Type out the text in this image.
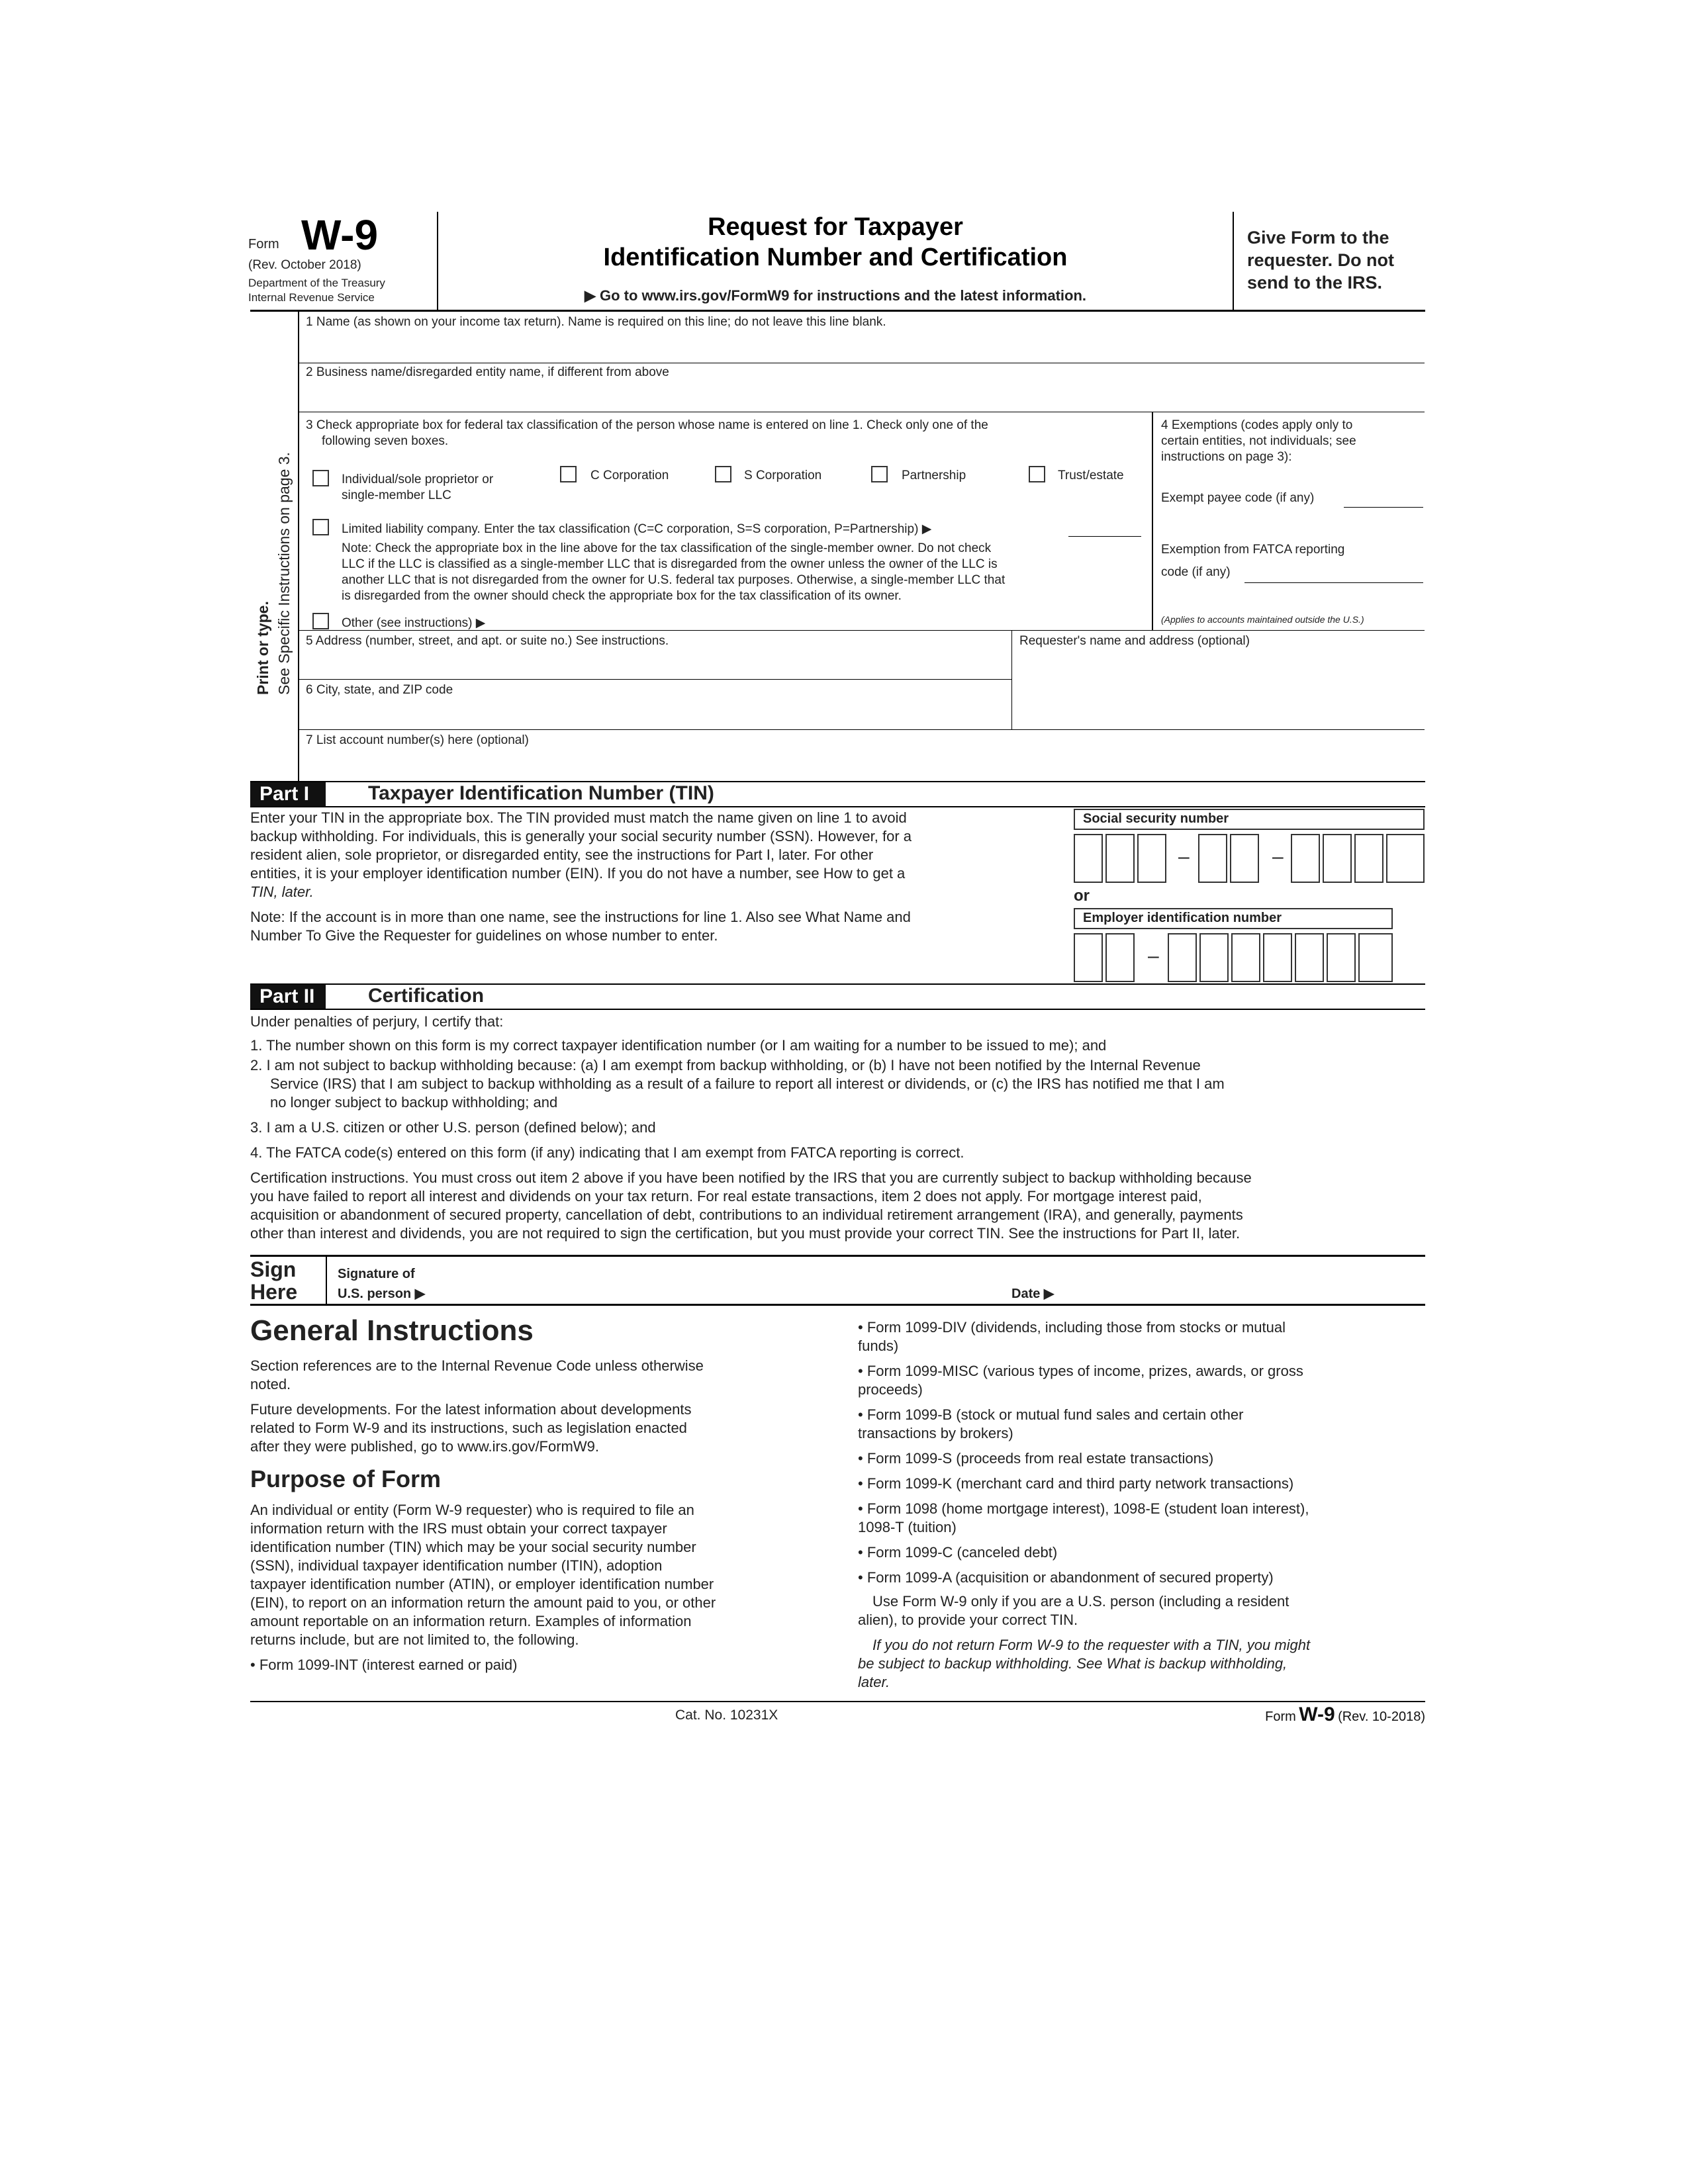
Form W-9
(Rev. October 2018)
Department of the Treasury
Internal Revenue Service
Request for Taxpayer
Identification Number and Certification
▶ Go to www.irs.gov/FormW9 for instructions and the latest information.
Give Form to the
requester. Do not
send to the IRS.
Print or type. See Specific Instructions on page 3.
1 Name (as shown on your income tax return). Name is required on this line; do not leave this line blank.
2 Business name/disregarded entity name, if different from above
3 Check appropriate box for federal tax classification of the person whose name is entered on line 1. Check only one of the
following seven boxes.
Individual/sole proprietor or
single-member LLC
C Corporation	S Corporation	Partnership	Trust/estate
Limited liability company. Enter the tax classification (C=C corporation, S=S corporation, P=Partnership) ▶
Note: Check the appropriate box in the line above for the tax classification of the single-member owner. Do not check
LLC if the LLC is classified as a single-member LLC that is disregarded from the owner unless the owner of the LLC is
another LLC that is not disregarded from the owner for U.S. federal tax purposes. Otherwise, a single-member LLC that
is disregarded from the owner should check the appropriate box for the tax classification of its owner.
Other (see instructions) ▶
4 Exemptions (codes apply only to
certain entities, not individuals; see
instructions on page 3):
Exempt payee code (if any)
Exemption from FATCA reporting
code (if any)
(Applies to accounts maintained outside the U.S.)
5 Address (number, street, and apt. or suite no.) See instructions.	Requester's name and address (optional)
6 City, state, and ZIP code
7 List account number(s) here (optional)
Part I	Taxpayer Identification Number (TIN)
Enter your TIN in the appropriate box. The TIN provided must match the name given on line 1 to avoid
backup withholding. For individuals, this is generally your social security number (SSN). However, for a
resident alien, sole proprietor, or disregarded entity, see the instructions for Part I, later. For other
entities, it is your employer identification number (EIN). If you do not have a number, see How to get a
TIN, later.
Note: If the account is in more than one name, see the instructions for line 1. Also see What Name and
Number To Give the Requester for guidelines on whose number to enter.
Social security number
–	–
or
Employer identification number
–
Part II	Certification
Under penalties of perjury, I certify that:
1. The number shown on this form is my correct taxpayer identification number (or I am waiting for a number to be issued to me); and
2. I am not subject to backup withholding because: (a) I am exempt from backup withholding, or (b) I have not been notified by the Internal Revenue
Service (IRS) that I am subject to backup withholding as a result of a failure to report all interest or dividends, or (c) the IRS has notified me that I am
no longer subject to backup withholding; and
3. I am a U.S. citizen or other U.S. person (defined below); and
4. The FATCA code(s) entered on this form (if any) indicating that I am exempt from FATCA reporting is correct.
Certification instructions. You must cross out item 2 above if you have been notified by the IRS that you are currently subject to backup withholding because
you have failed to report all interest and dividends on your tax return. For real estate transactions, item 2 does not apply. For mortgage interest paid,
acquisition or abandonment of secured property, cancellation of debt, contributions to an individual retirement arrangement (IRA), and generally, payments
other than interest and dividends, you are not required to sign the certification, but you must provide your correct TIN. See the instructions for Part II, later.
Sign
Here
Signature of
U.S. person ▶	Date ▶
General Instructions
Section references are to the Internal Revenue Code unless otherwise
noted.
Future developments. For the latest information about developments
related to Form W-9 and its instructions, such as legislation enacted
after they were published, go to www.irs.gov/FormW9.
Purpose of Form
An individual or entity (Form W-9 requester) who is required to file an
information return with the IRS must obtain your correct taxpayer
identification number (TIN) which may be your social security number
(SSN), individual taxpayer identification number (ITIN), adoption
taxpayer identification number (ATIN), or employer identification number
(EIN), to report on an information return the amount paid to you, or other
amount reportable on an information return. Examples of information
returns include, but are not limited to, the following.
• Form 1099-INT (interest earned or paid)
• Form 1099-DIV (dividends, including those from stocks or mutual
funds)
• Form 1099-MISC (various types of income, prizes, awards, or gross
proceeds)
• Form 1099-B (stock or mutual fund sales and certain other
transactions by brokers)
• Form 1099-S (proceeds from real estate transactions)
• Form 1099-K (merchant card and third party network transactions)
• Form 1098 (home mortgage interest), 1098-E (student loan interest),
1098-T (tuition)
• Form 1099-C (canceled debt)
• Form 1099-A (acquisition or abandonment of secured property)
Use Form W-9 only if you are a U.S. person (including a resident
alien), to provide your correct TIN.
If you do not return Form W-9 to the requester with a TIN, you might
be subject to backup withholding. See What is backup withholding,
later.
Cat. No. 10231X	Form W-9 (Rev. 10-2018)
